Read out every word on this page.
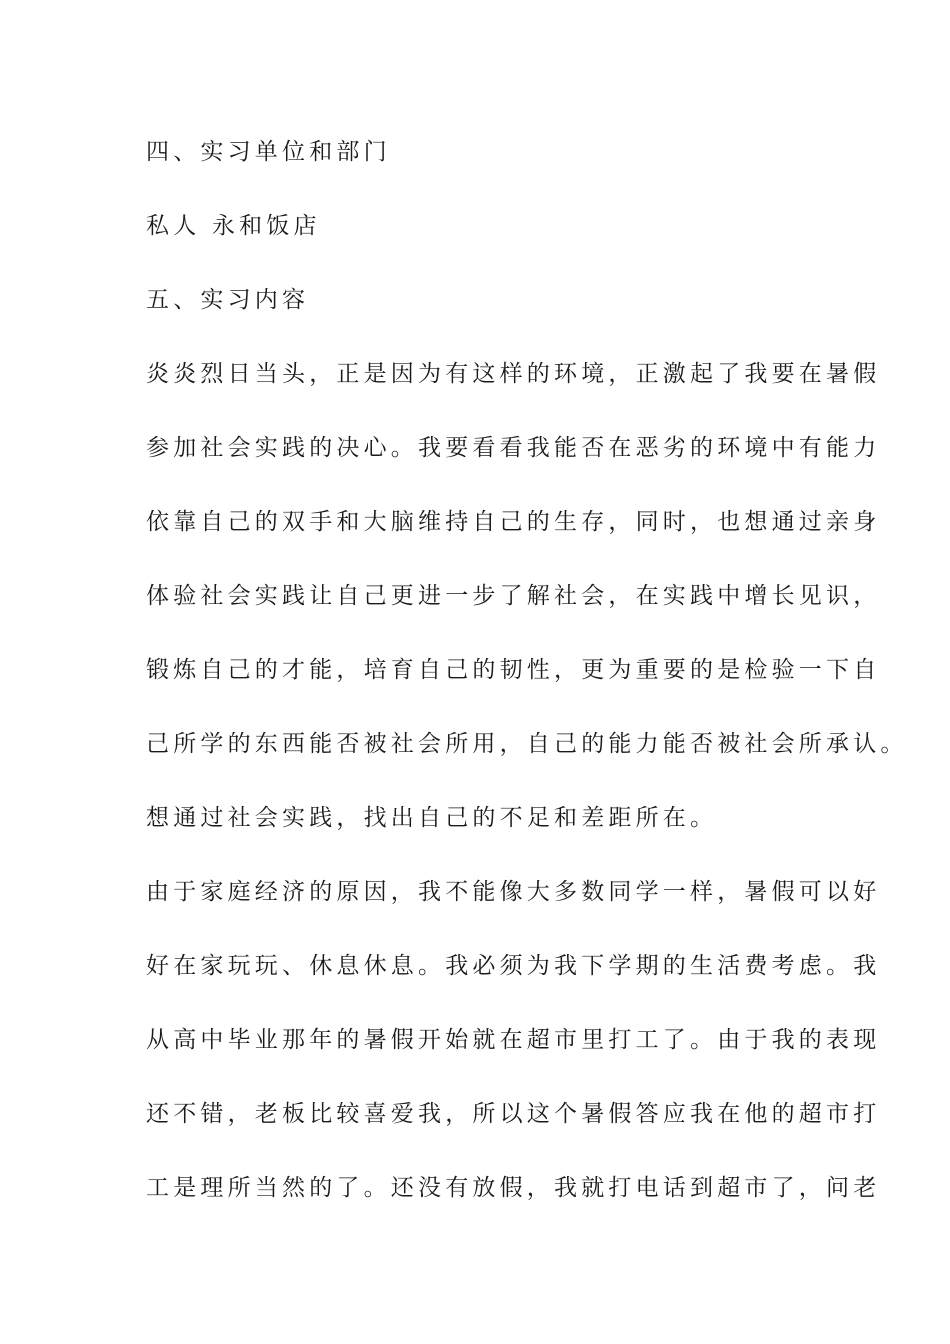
四、实习单位和部门
私人 永和饭店
五、实习内容
炎炎烈日当头，正是因为有这样的环境，正激起了我要在暑假
参加社会实践的决心。我要看看我能否在恶劣的环境中有能力
依靠自己的双手和大脑维持自己的生存，同时，也想通过亲身
体验社会实践让自己更进一步了解社会，在实践中增长见识，
锻炼自己的才能，培育自己的韧性，更为重要的是检验一下自
己所学的东西能否被社会所用，自己的能力能否被社会所承认。
想通过社会实践，找出自己的不足和差距所在。
由于家庭经济的原因，我不能像大多数同学一样，暑假可以好
好在家玩玩、休息休息。我必须为我下学期的生活费考虑。我
从高中毕业那年的暑假开始就在超市里打工了。由于我的表现
还不错，老板比较喜爱我，所以这个暑假答应我在他的超市打
工是理所当然的了。还没有放假，我就打电话到超市了，问老
